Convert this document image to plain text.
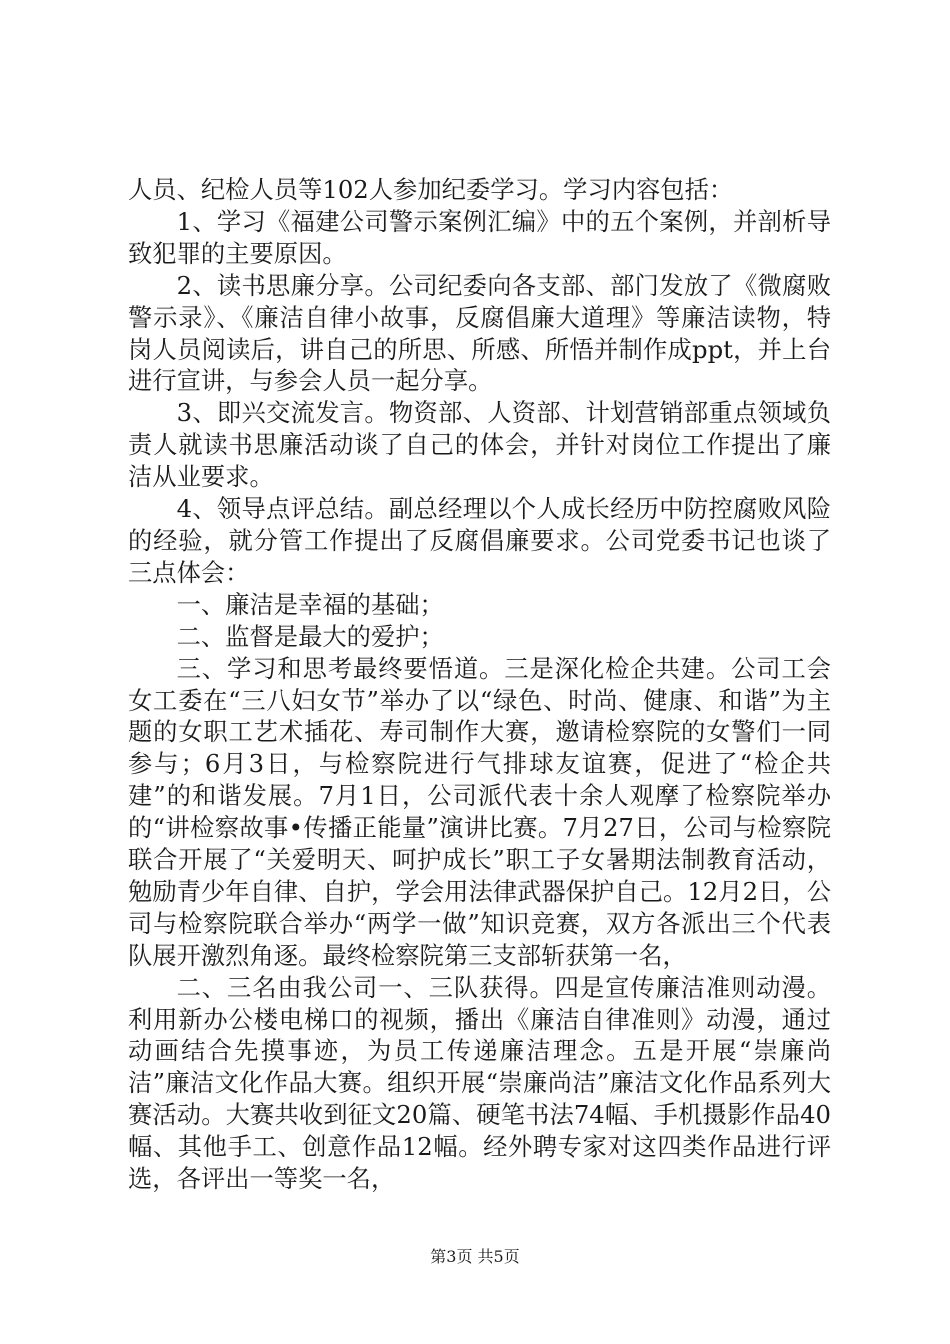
人员、纪检人员等102人参加纪委学习。学习内容包括：

1、学习《福建公司警示案例汇编》中的五个案例，并剖析导致犯罪的主要原因。

2、读书思廉分享。公司纪委向各支部、部门发放了《微腐败警示录》、《廉洁自律小故事，反腐倡廉大道理》等廉洁读物，特岗人员阅读后，讲自己的所思、所感、所悟并制作成ppt，并上台进行宣讲，与参会人员一起分享。

3、即兴交流发言。物资部、人资部、计划营销部重点领域负责人就读书思廉活动谈了自己的体会，并针对岗位工作提出了廉洁从业要求。

4、领导点评总结。副总经理以个人成长经历中防控腐败风险的经验，就分管工作提出了反腐倡廉要求。公司党委书记也谈了三点体会：

一、廉洁是幸福的基础；

二、监督是最大的爱护；

三、学习和思考最终要悟道。三是深化检企共建。公司工会女工委在“三八妇女节”举办了以“绿色、时尚、健康、和谐”为主题的女职工艺术插花、寿司制作大赛，邀请检察院的女警们一同参与；6月3日，与检察院进行气排球友谊赛，促进了“检企共建”的和谐发展。7月1日，公司派代表十余人观摩了检察院举办的“讲检察故事•传播正能量”演讲比赛。7月27日，公司与检察院联合开展了“关爱明天、呵护成长”职工子女暑期法制教育活动，勉励青少年自律、自护，学会用法律武器保护自己。12月2日，公司与检察院联合举办“两学一做”知识竞赛，双方各派出三个代表队展开激烈角逐。最终检察院第三支部斩获第一名，

二、三名由我公司一、三队获得。四是宣传廉洁准则动漫。利用新办公楼电梯口的视频，播出《廉洁自律准则》动漫，通过动画结合先摸事迹，为员工传递廉洁理念。五是开展“崇廉尚洁”廉洁文化作品大赛。组织开展“崇廉尚洁”廉洁文化作品系列大赛活动。大赛共收到征文20篇、硬笔书法74幅、手机摄影作品40幅、其他手工、创意作品12幅。经外聘专家对这四类作品进行评选，各评出一等奖一名，

第3页 共5页
